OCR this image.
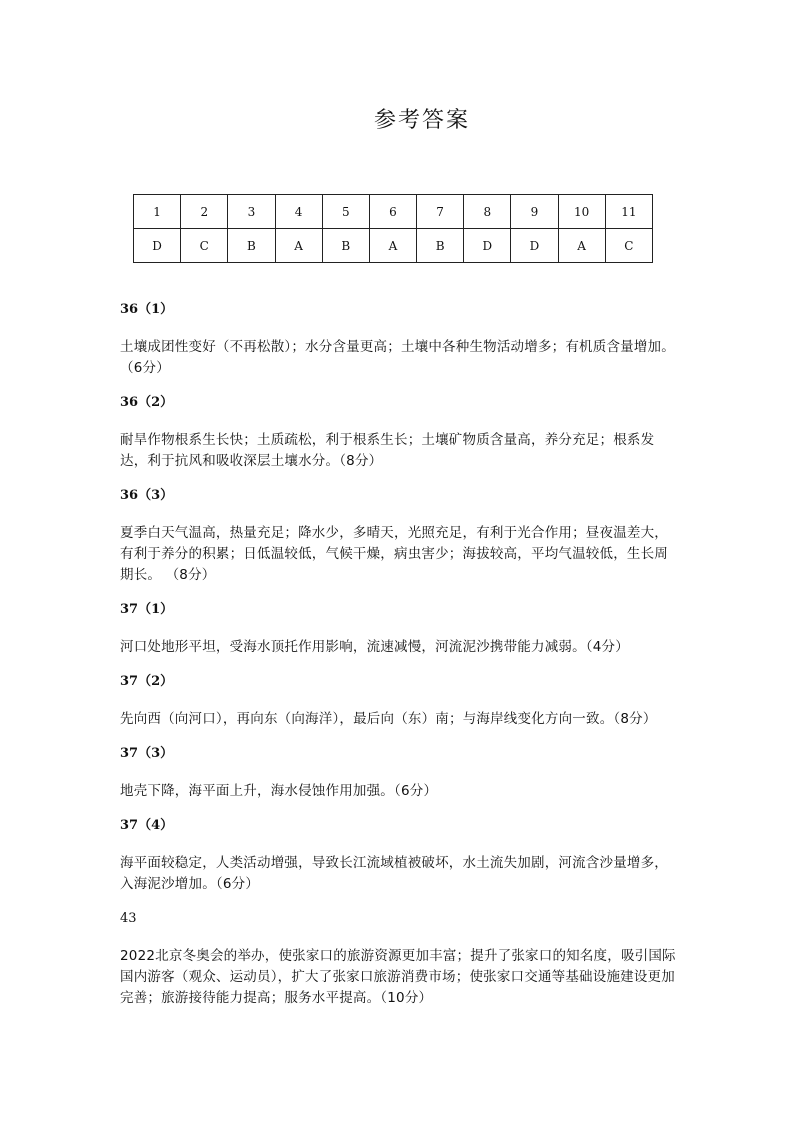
参考答案
1	2	3	4	5	6	7	8	9	10	11
D	C	B	A	B	A	B	D	D	A	C
36（1）
土壤成团性变好（不再松散）；水分含量更高；土壤中各种生物活动增多；有机质含量增加。（6分）
36（2）
耐旱作物根系生长快；土质疏松，利于根系生长；土壤矿物质含量高，养分充足；根系发达，利于抗风和吸收深层土壤水分。（8分）
36（3）
夏季白天气温高，热量充足；降水少，多晴天，光照充足，有利于光合作用；昼夜温差大，有利于养分的积累；日低温较低，气候干燥，病虫害少；海拔较高，平均气温较低，生长周期长。 （8分）
37（1）
河口处地形平坦，受海水顶托作用影响，流速减慢，河流泥沙携带能力减弱。（4分）
37（2）
先向西（向河口），再向东（向海洋），最后向（东）南；与海岸线变化方向一致。（8分）
37（3）
地壳下降，海平面上升，海水侵蚀作用加强。（6分）
37（4）
海平面较稳定，人类活动增强，导致长江流域植被破坏，水土流失加剧，河流含沙量增多，入海泥沙增加。（6分）
43
2022北京冬奥会的举办，使张家口的旅游资源更加丰富；提升了张家口的知名度，吸引国际国内游客（观众、运动员），扩大了张家口旅游消费市场；使张家口交通等基础设施建设更加完善；旅游接待能力提高；服务水平提高。（10分）
